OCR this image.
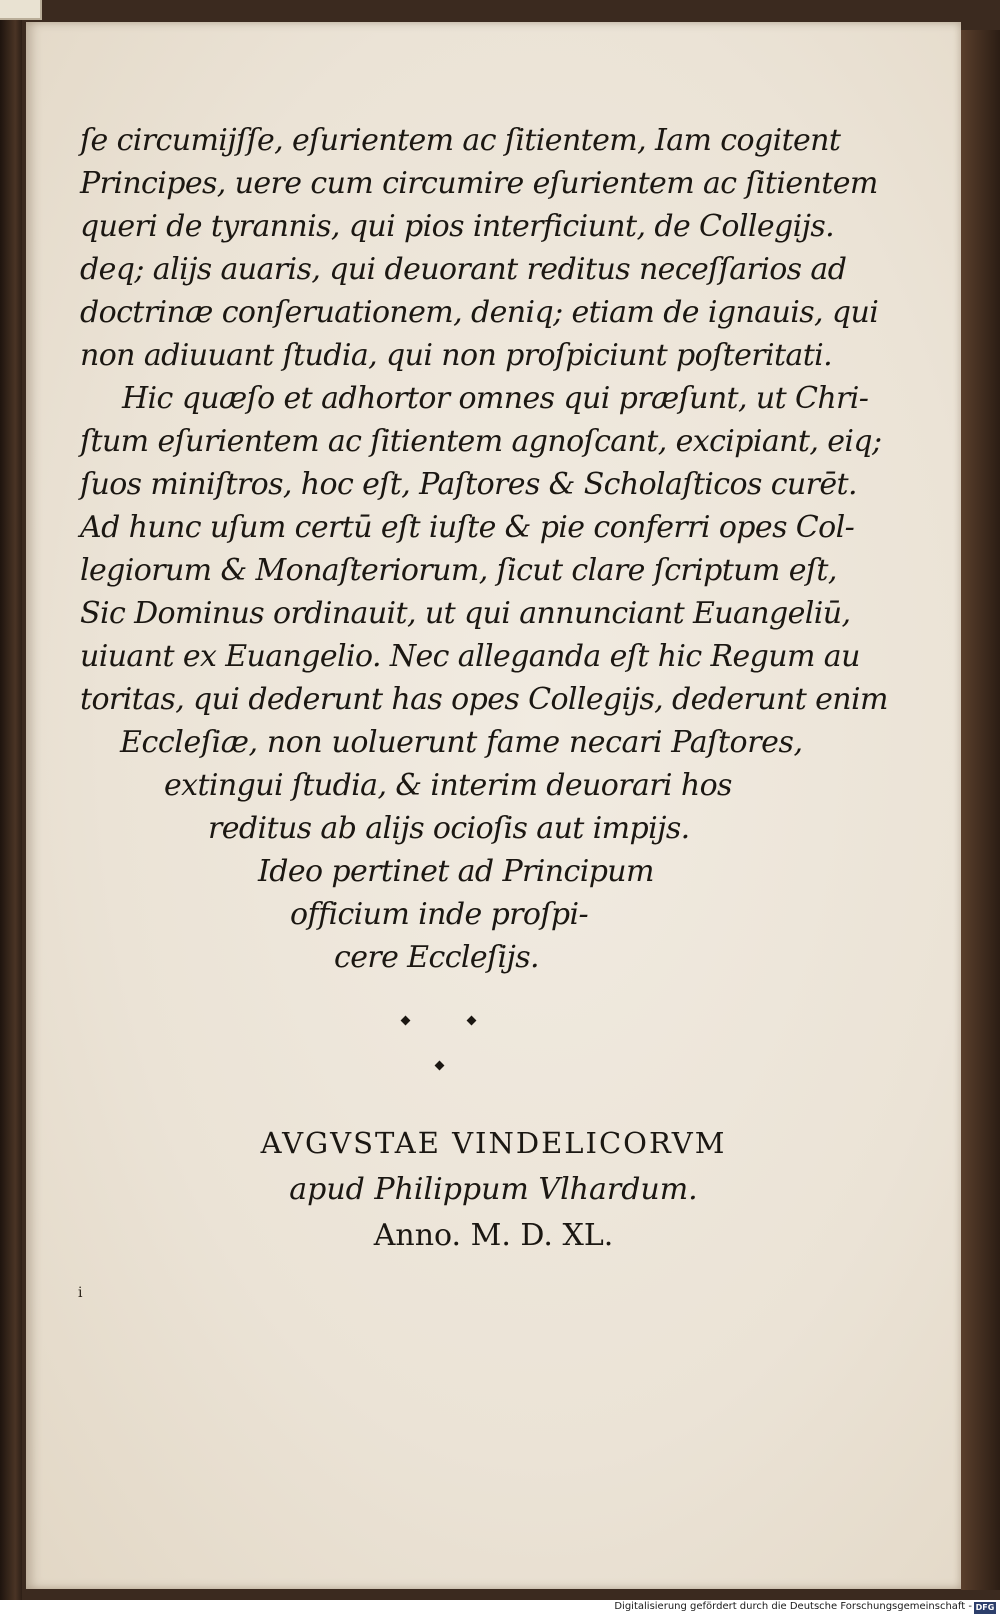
ſe circumijſſe, eſurientem ac ſitientem, Iam cogitent
Principes, uere cum circumire eſurientem ac ſitientem
queri de tyrannis, qui pios interficiunt, de Collegijs.
deq; alijs auaris, qui deuorant reditus neceſſarios ad
doctrinæ conſeruationem, deniq; etiam de ignauis, qui
non adiuuant ſtudia, qui non proſpiciunt poſteritati.
Hic quæſo et adhortor omnes qui præſunt, ut Chri-
ſtum eſurientem ac ſitientem agnoſcant, excipiant, eiq;
ſuos miniſtros, hoc eſt, Paſtores & Scholaſticos curēt.
Ad hunc uſum certū eſt iuſte & pie conferri opes Col-
legiorum & Monaſteriorum, ſicut clare ſcriptum eſt,
Sic Dominus ordinauit, ut qui annunciant Euangeliū,
uiuant ex Euangelio. Nec alleganda eſt hic Regum au
toritas, qui dederunt has opes Collegijs, dederunt enim
Eccleſiæ, non uoluerunt fame necari Paſtores,
extingui ſtudia, & interim deuorari hos
reditus ab alijs ocioſis aut impijs.
Ideo pertinet ad Principum
officium inde proſpi-
cere Eccleſijs.
AVGVSTAE VINDELICORVM
apud Philippum Vlhardum.
Anno. M. D. XL.
i
Digitalisierung gefördert durch die Deutsche Forschungsgemeinschaft - DFG
